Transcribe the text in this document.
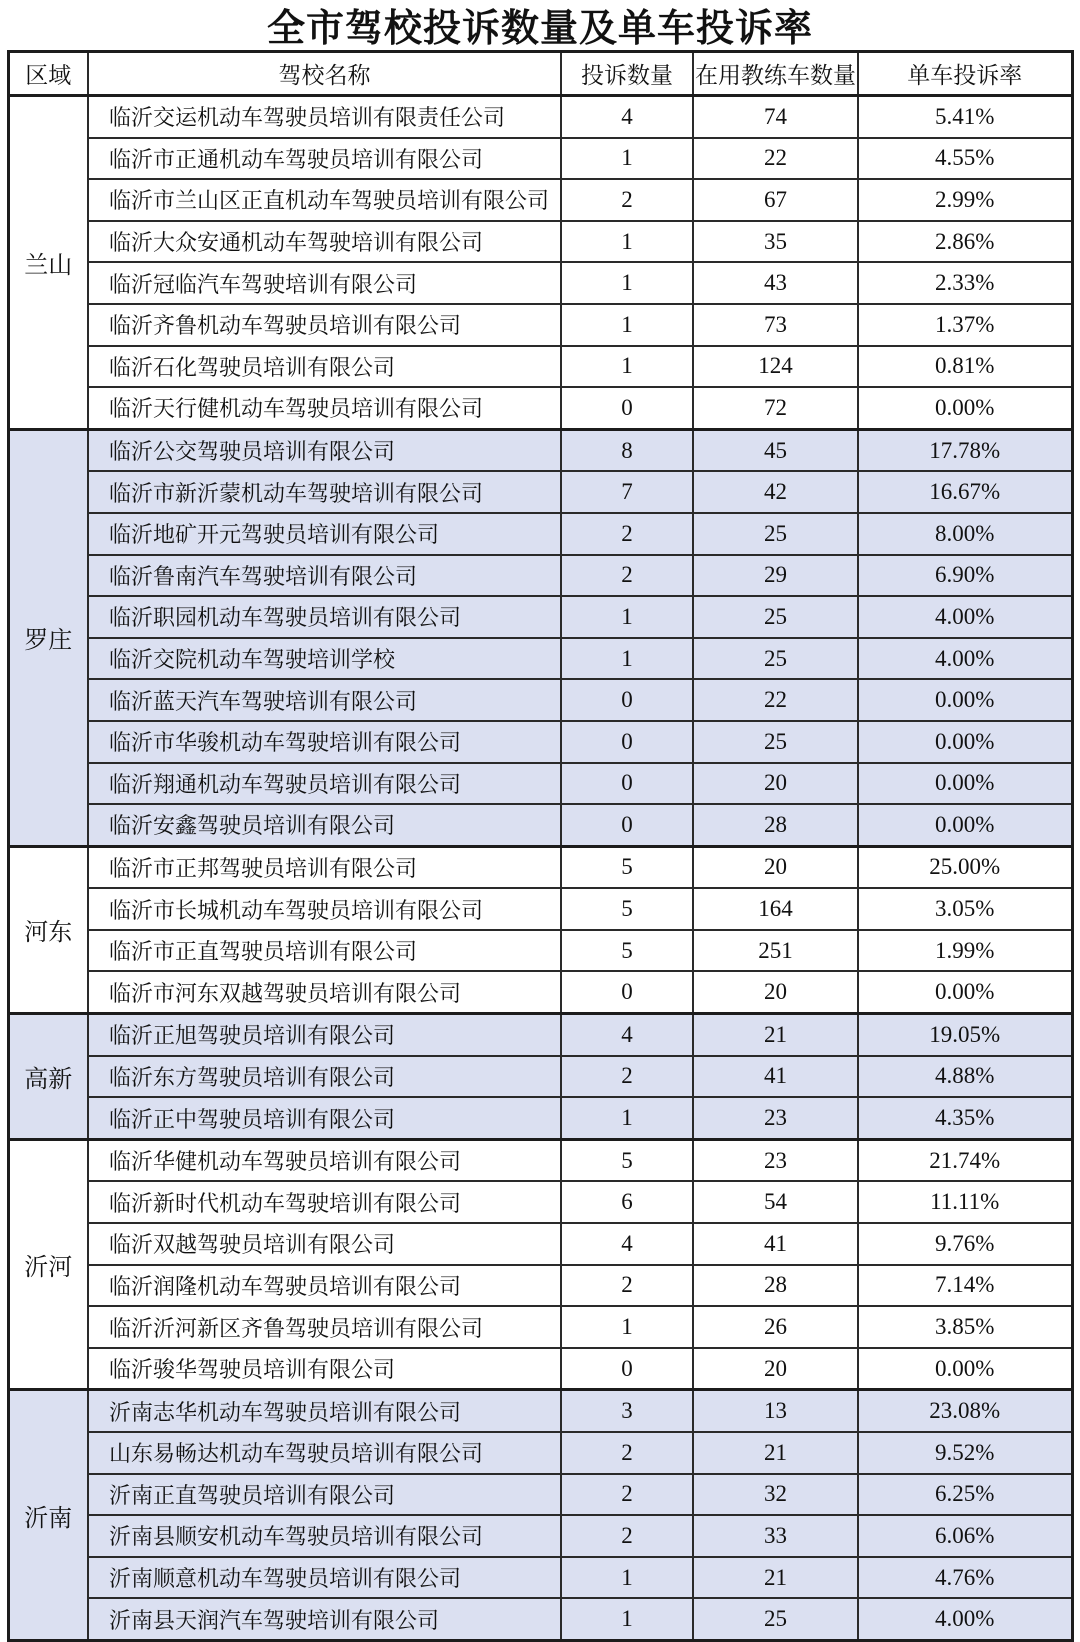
全市驾校投诉数量及单车投诉率
区域	驾校名称	投诉数量	在用教练车数量	单车投诉率
兰山	临沂交运机动车驾驶员培训有限责任公司	4	74	5.41%
	临沂市正通机动车驾驶员培训有限公司	1	22	4.55%
	临沂市兰山区正直机动车驾驶员培训有限公司	2	67	2.99%
	临沂大众安通机动车驾驶培训有限公司	1	35	2.86%
	临沂冠临汽车驾驶培训有限公司	1	43	2.33%
	临沂齐鲁机动车驾驶员培训有限公司	1	73	1.37%
	临沂石化驾驶员培训有限公司	1	124	0.81%
	临沂天行健机动车驾驶员培训有限公司	0	72	0.00%
罗庄	临沂公交驾驶员培训有限公司	8	45	17.78%
	临沂市新沂蒙机动车驾驶培训有限公司	7	42	16.67%
	临沂地矿开元驾驶员培训有限公司	2	25	8.00%
	临沂鲁南汽车驾驶培训有限公司	2	29	6.90%
	临沂职园机动车驾驶员培训有限公司	1	25	4.00%
	临沂交院机动车驾驶培训学校	1	25	4.00%
	临沂蓝天汽车驾驶培训有限公司	0	22	0.00%
	临沂市华骏机动车驾驶培训有限公司	0	25	0.00%
	临沂翔通机动车驾驶员培训有限公司	0	20	0.00%
	临沂安鑫驾驶员培训有限公司	0	28	0.00%
河东	临沂市正邦驾驶员培训有限公司	5	20	25.00%
	临沂市长城机动车驾驶员培训有限公司	5	164	3.05%
	临沂市正直驾驶员培训有限公司	5	251	1.99%
	临沂市河东双越驾驶员培训有限公司	0	20	0.00%
高新	临沂正旭驾驶员培训有限公司	4	21	19.05%
	临沂东方驾驶员培训有限公司	2	41	4.88%
	临沂正中驾驶员培训有限公司	1	23	4.35%
沂河	临沂华健机动车驾驶员培训有限公司	5	23	21.74%
	临沂新时代机动车驾驶培训有限公司	6	54	11.11%
	临沂双越驾驶员培训有限公司	4	41	9.76%
	临沂润隆机动车驾驶员培训有限公司	2	28	7.14%
	临沂沂河新区齐鲁驾驶员培训有限公司	1	26	3.85%
	临沂骏华驾驶员培训有限公司	0	20	0.00%
沂南	沂南志华机动车驾驶员培训有限公司	3	13	23.08%
	山东易畅达机动车驾驶员培训有限公司	2	21	9.52%
	沂南正直驾驶员培训有限公司	2	32	6.25%
	沂南县顺安机动车驾驶员培训有限公司	2	33	6.06%
	沂南顺意机动车驾驶员培训有限公司	1	21	4.76%
	沂南县天润汽车驾驶培训有限公司	1	25	4.00%
